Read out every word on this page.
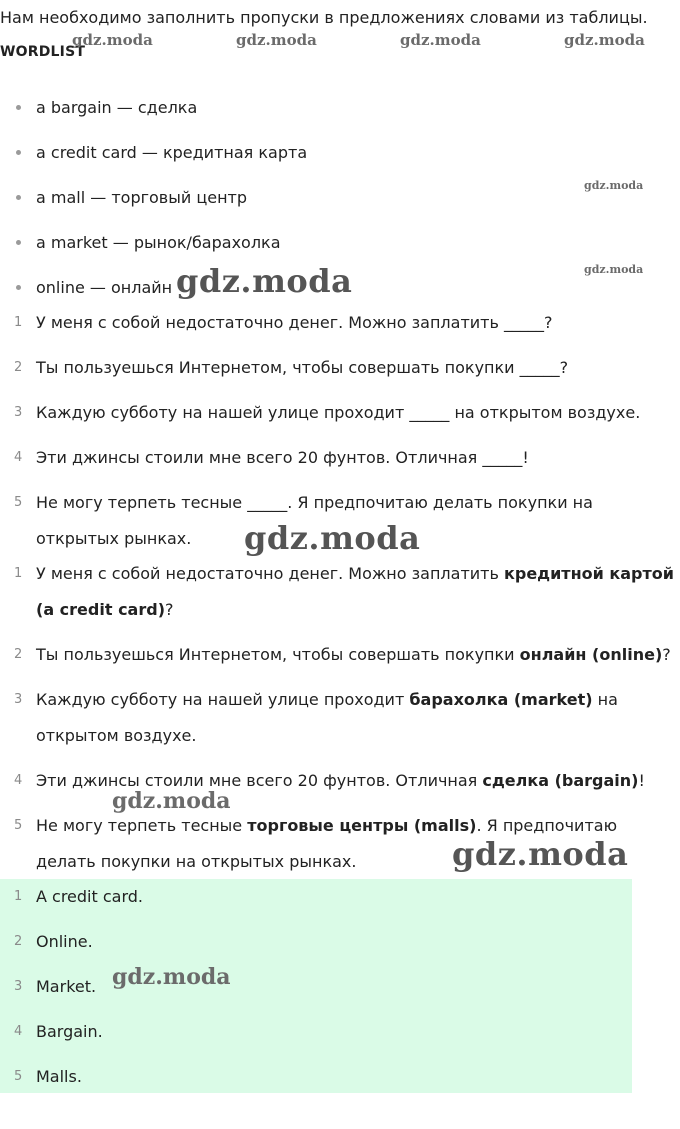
Нам необходимо заполнить пропуски в предложениях словами из таблицы.
WORDLIST
a bargain — сделка
a credit card — кредитная карта
a mall — торговый центр
a market — рынок/барахолка
online — онлайн
1 У меня с собой недостаточно денег. Можно заплатить _____?
2 Ты пользуешься Интернетом, чтобы совершать покупки _____?
3 Каждую субботу на нашей улице проходит _____ на открытом воздухе.
4 Эти джинсы стоили мне всего 20 фунтов. Отличная _____!
5 Не могу терпеть тесные _____. Я предпочитаю делать покупки на открытых рынках.
1 У меня с собой недостаточно денег. Можно заплатить кредитной картой (a credit card)?
2 Ты пользуешься Интернетом, чтобы совершать покупки онлайн (online)?
3 Каждую субботу на нашей улице проходит барахолка (market) на открытом воздухе.
4 Эти джинсы стоили мне всего 20 фунтов. Отличная сделка (bargain)!
5 Не могу терпеть тесные торговые центры (malls). Я предпочитаю делать покупки на открытых рынках.
1 A credit card.
2 Online.
3 Market.
4 Bargain.
5 Malls.
gdz.moda	gdz.moda	gdz.moda	gdz.moda
gdz.moda
gdz.moda
gdz.moda
gdz.moda
gdz.moda
gdz.moda
gdz.moda
